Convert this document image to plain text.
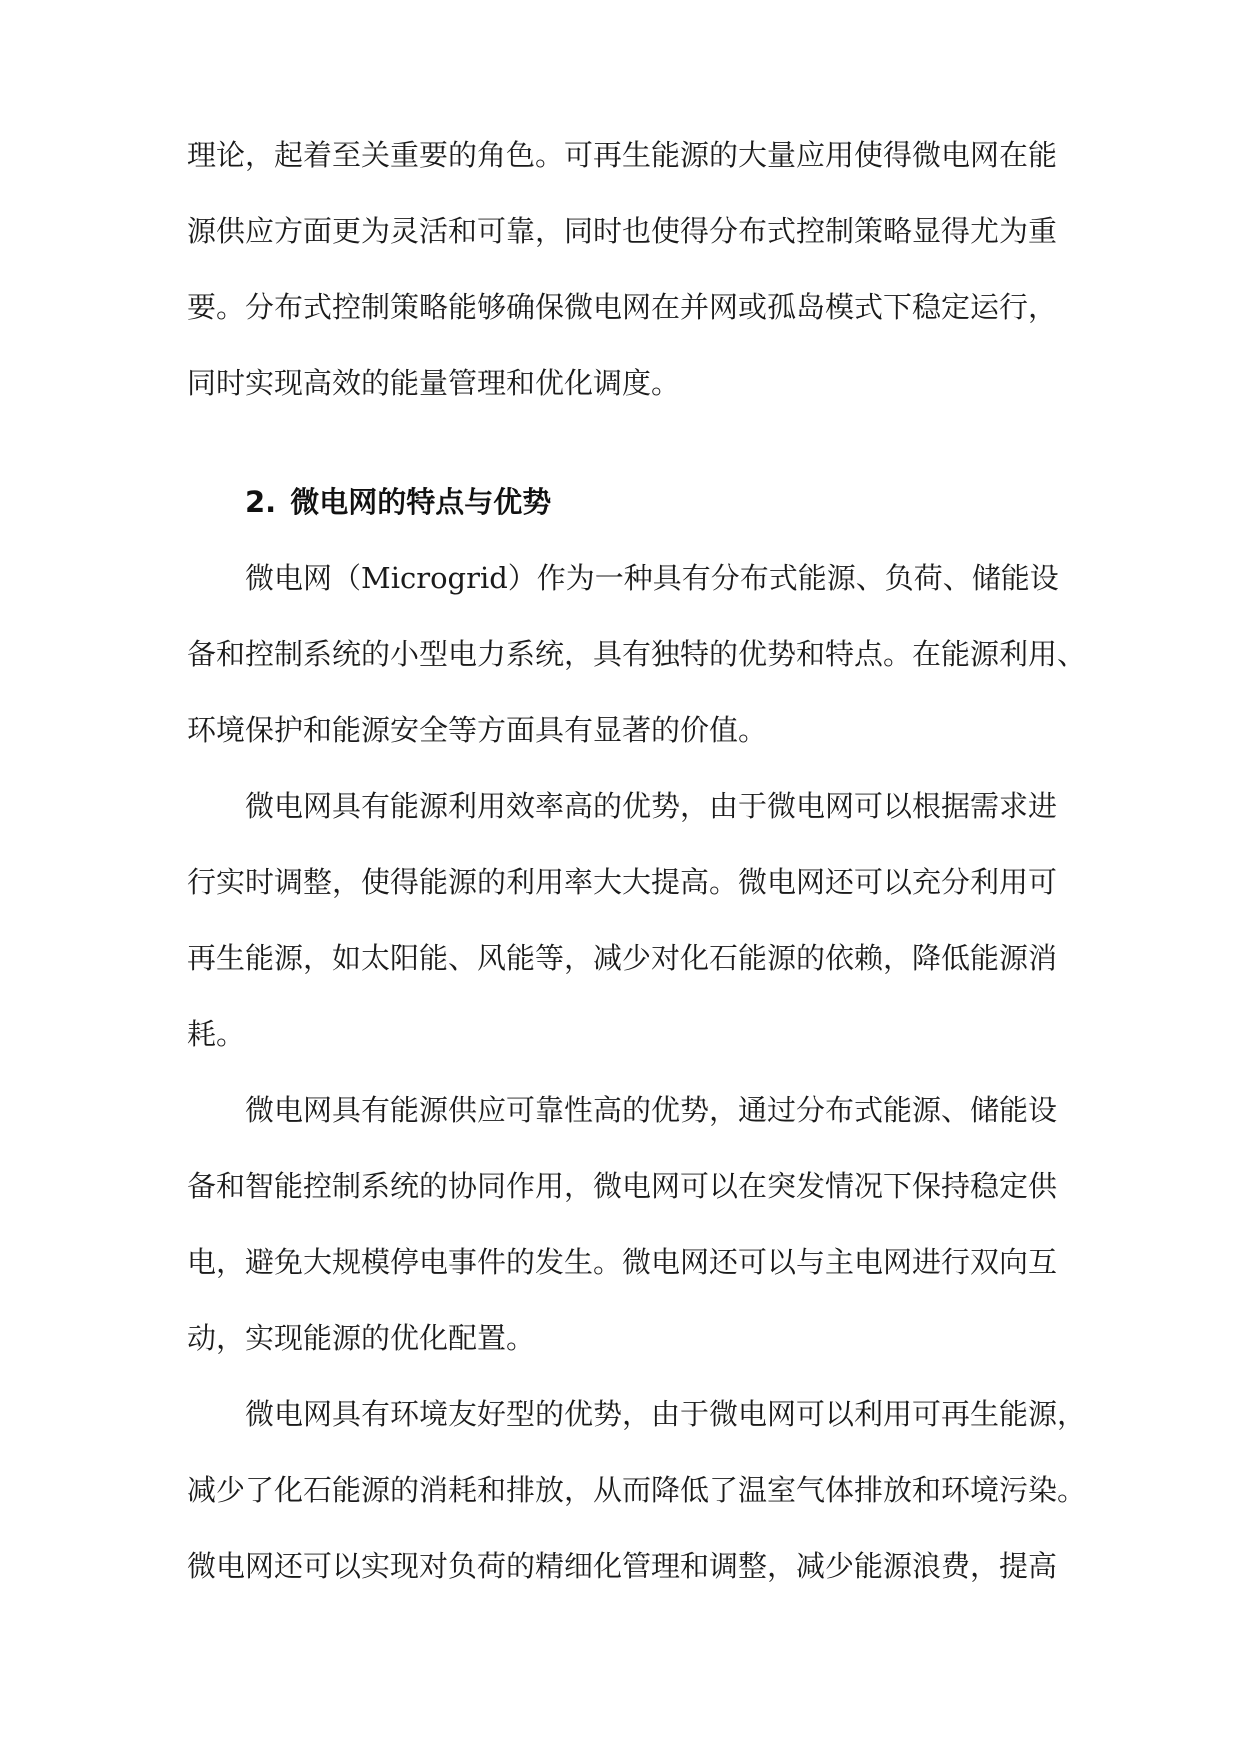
理论，起着至关重要的角色。可再生能源的大量应用使得微电网在能
源供应方面更为灵活和可靠，同时也使得分布式控制策略显得尤为重
要。分布式控制策略能够确保微电网在并网或孤岛模式下稳定运行，
同时实现高效的能量管理和优化调度。
2. 微电网的特点与优势
微电网（Microgrid）作为一种具有分布式能源、负荷、储能设
备和控制系统的小型电力系统，具有独特的优势和特点。在能源利用、
环境保护和能源安全等方面具有显著的价值。
微电网具有能源利用效率高的优势，由于微电网可以根据需求进
行实时调整，使得能源的利用率大大提高。微电网还可以充分利用可
再生能源，如太阳能、风能等，减少对化石能源的依赖，降低能源消
耗。
微电网具有能源供应可靠性高的优势，通过分布式能源、储能设
备和智能控制系统的协同作用，微电网可以在突发情况下保持稳定供
电，避免大规模停电事件的发生。微电网还可以与主电网进行双向互
动，实现能源的优化配置。
微电网具有环境友好型的优势，由于微电网可以利用可再生能源，
减少了化石能源的消耗和排放，从而降低了温室气体排放和环境污染。
微电网还可以实现对负荷的精细化管理和调整，减少能源浪费，提高
